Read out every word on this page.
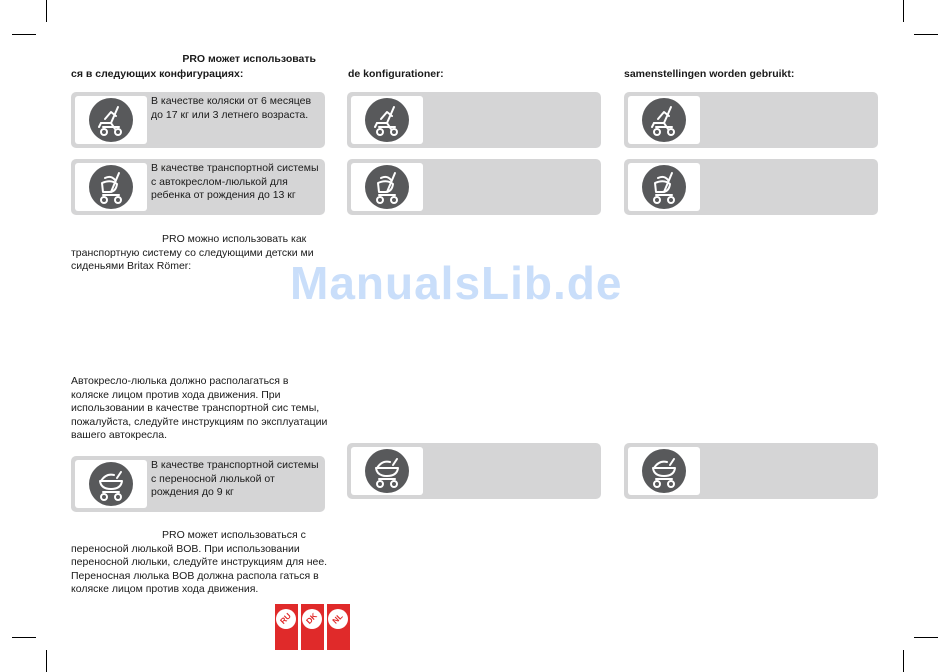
PRO может использовать

ся в следующих конфигурациях:

В качестве коляски от 6 месяцев до 17 кг или 3 летнего возраста.
В качестве транспортной системы с автокреслом-люлькой для ребенка от рождения до 13 кг

PRO можно использовать как транспортную систему со следующими детски ми сиденьями Britax Römer:

Автокресло-люлька должно располагаться в коляске лицом против хода движения. При использовании в качестве транспортной сис темы, пожалуйста, следуйте инструкциям по эксплуатации вашего автокресла.

В качестве транспортной системы с переносной люлькой от рождения до 9 кг

PRO может использоваться с переносной люлькой BOB. При использовании переносной люльки, следуйте инструкциям для нее. Переносная люлька BOB должна распола гаться в коляске лицом против хода движения.

de konfigurationer:	samenstellingen worden gebruikt:

ManualsLib.de
RU	DK	NL
